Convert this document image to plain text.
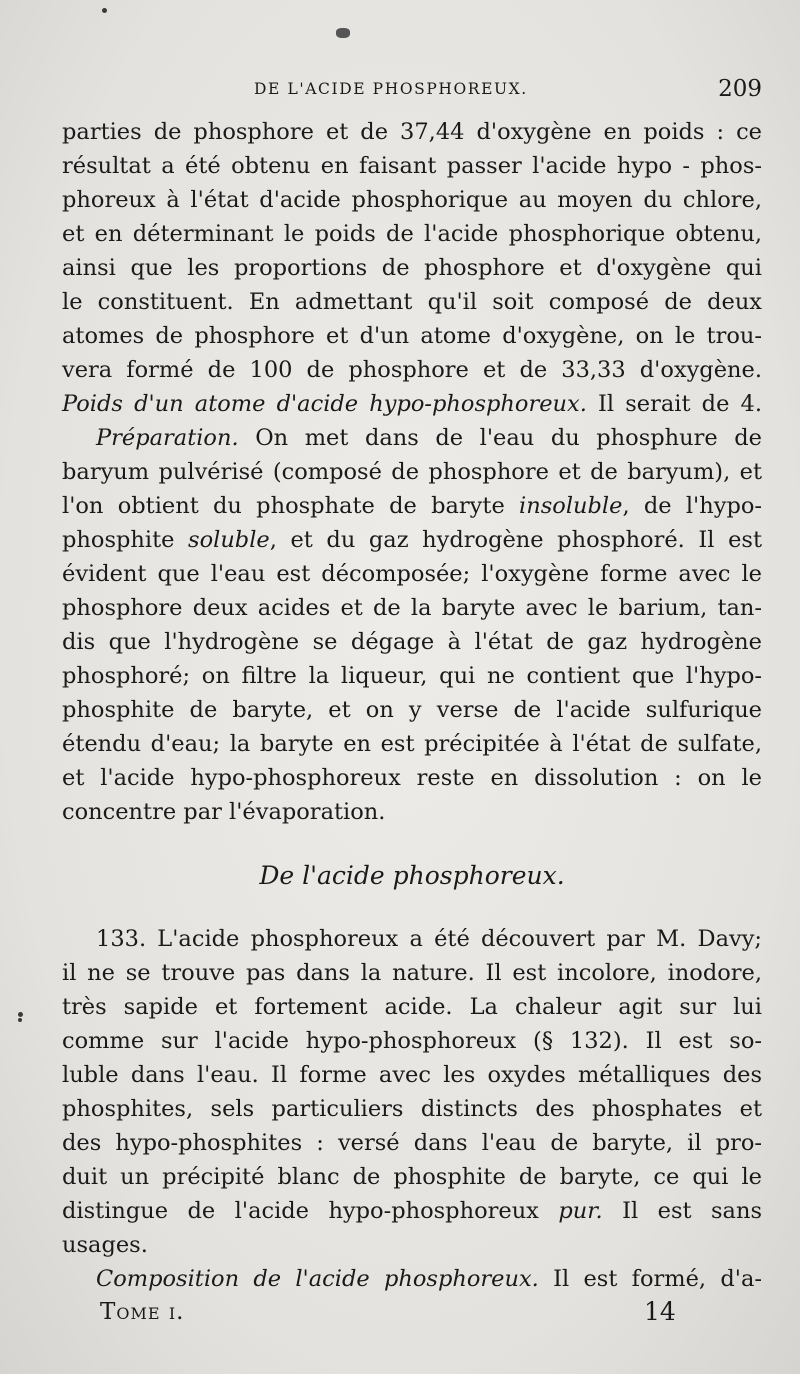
DE L'ACIDE PHOSPHOREUX.	209
parties de phosphore et de 37,44 d'oxygène en poids : ce
résultat a été obtenu en faisant passer l'acide hypo - phos-
phoreux à l'état d'acide phosphorique au moyen du chlore,
et en déterminant le poids de l'acide phosphorique obtenu,
ainsi que les proportions de phosphore et d'oxygène qui
le constituent. En admettant qu'il soit composé de deux
atomes de phosphore et d'un atome d'oxygène, on le trou-
vera formé de 100 de phosphore et de 33,33 d'oxygène.
Poids d'un atome d'acide hypo-phosphoreux. Il serait de 4.
Préparation. On met dans de l'eau du phosphure de
baryum pulvérisé (composé de phosphore et de baryum), et
l'on obtient du phosphate de baryte insoluble, de l'hypo-
phosphite soluble, et du gaz hydrogène phosphoré. Il est
évident que l'eau est décomposée; l'oxygène forme avec le
phosphore deux acides et de la baryte avec le barium, tan-
dis que l'hydrogène se dégage à l'état de gaz hydrogène
phosphoré; on filtre la liqueur, qui ne contient que l'hypo-
phosphite de baryte, et on y verse de l'acide sulfurique
étendu d'eau; la baryte en est précipitée à l'état de sulfate,
et l'acide hypo-phosphoreux reste en dissolution : on le
concentre par l'évaporation.
De l'acide phosphoreux.
133. L'acide phosphoreux a été découvert par M. Davy;
il ne se trouve pas dans la nature. Il est incolore, inodore,
très sapide et fortement acide. La chaleur agit sur lui
comme sur l'acide hypo-phosphoreux (§ 132). Il est so-
luble dans l'eau. Il forme avec les oxydes métalliques des
phosphites, sels particuliers distincts des phosphates et
des hypo-phosphites : versé dans l'eau de baryte, il pro-
duit un précipité blanc de phosphite de baryte, ce qui le
distingue de l'acide hypo-phosphoreux pur. Il est sans
usages.
Composition de l'acide phosphoreux. Il est formé, d'a-
Tome i.	14
